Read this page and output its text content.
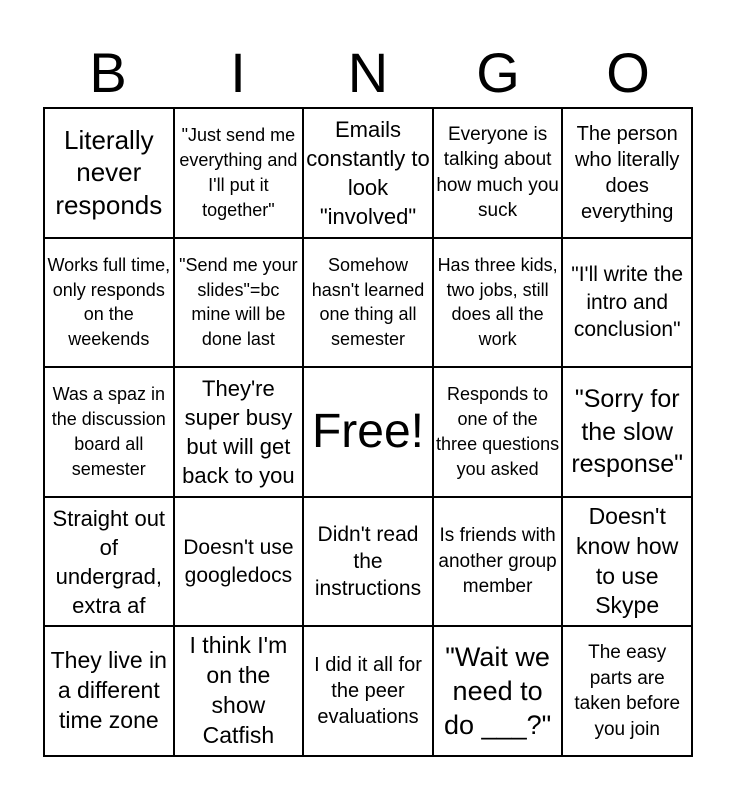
B	I	N	G	O
Literally never responds
"Just send me everything and I'll put it together"
Emails constantly to look "involved"
Everyone is talking about how much you suck
The person who literally does everything
Works full time, only responds on the weekends
"Send me your slides"=bc mine will be done last
Somehow hasn't learned one thing all semester
Has three kids, two jobs, still does all the work
"I'll write the intro and conclusion"
Was a spaz in the discussion board all semester
They're super busy but will get back to you
Free!
Responds to one of the three questions you asked
"Sorry for the slow response"
Straight out of undergrad, extra af
Doesn't use googledocs
Didn't read the instructions
Is friends with another group member
Doesn't know how to use Skype
They live in a different time zone
I think I'm on the show Catfish
I did it all for the peer evaluations
"Wait we need to do ___?"
The easy parts are taken before you join
